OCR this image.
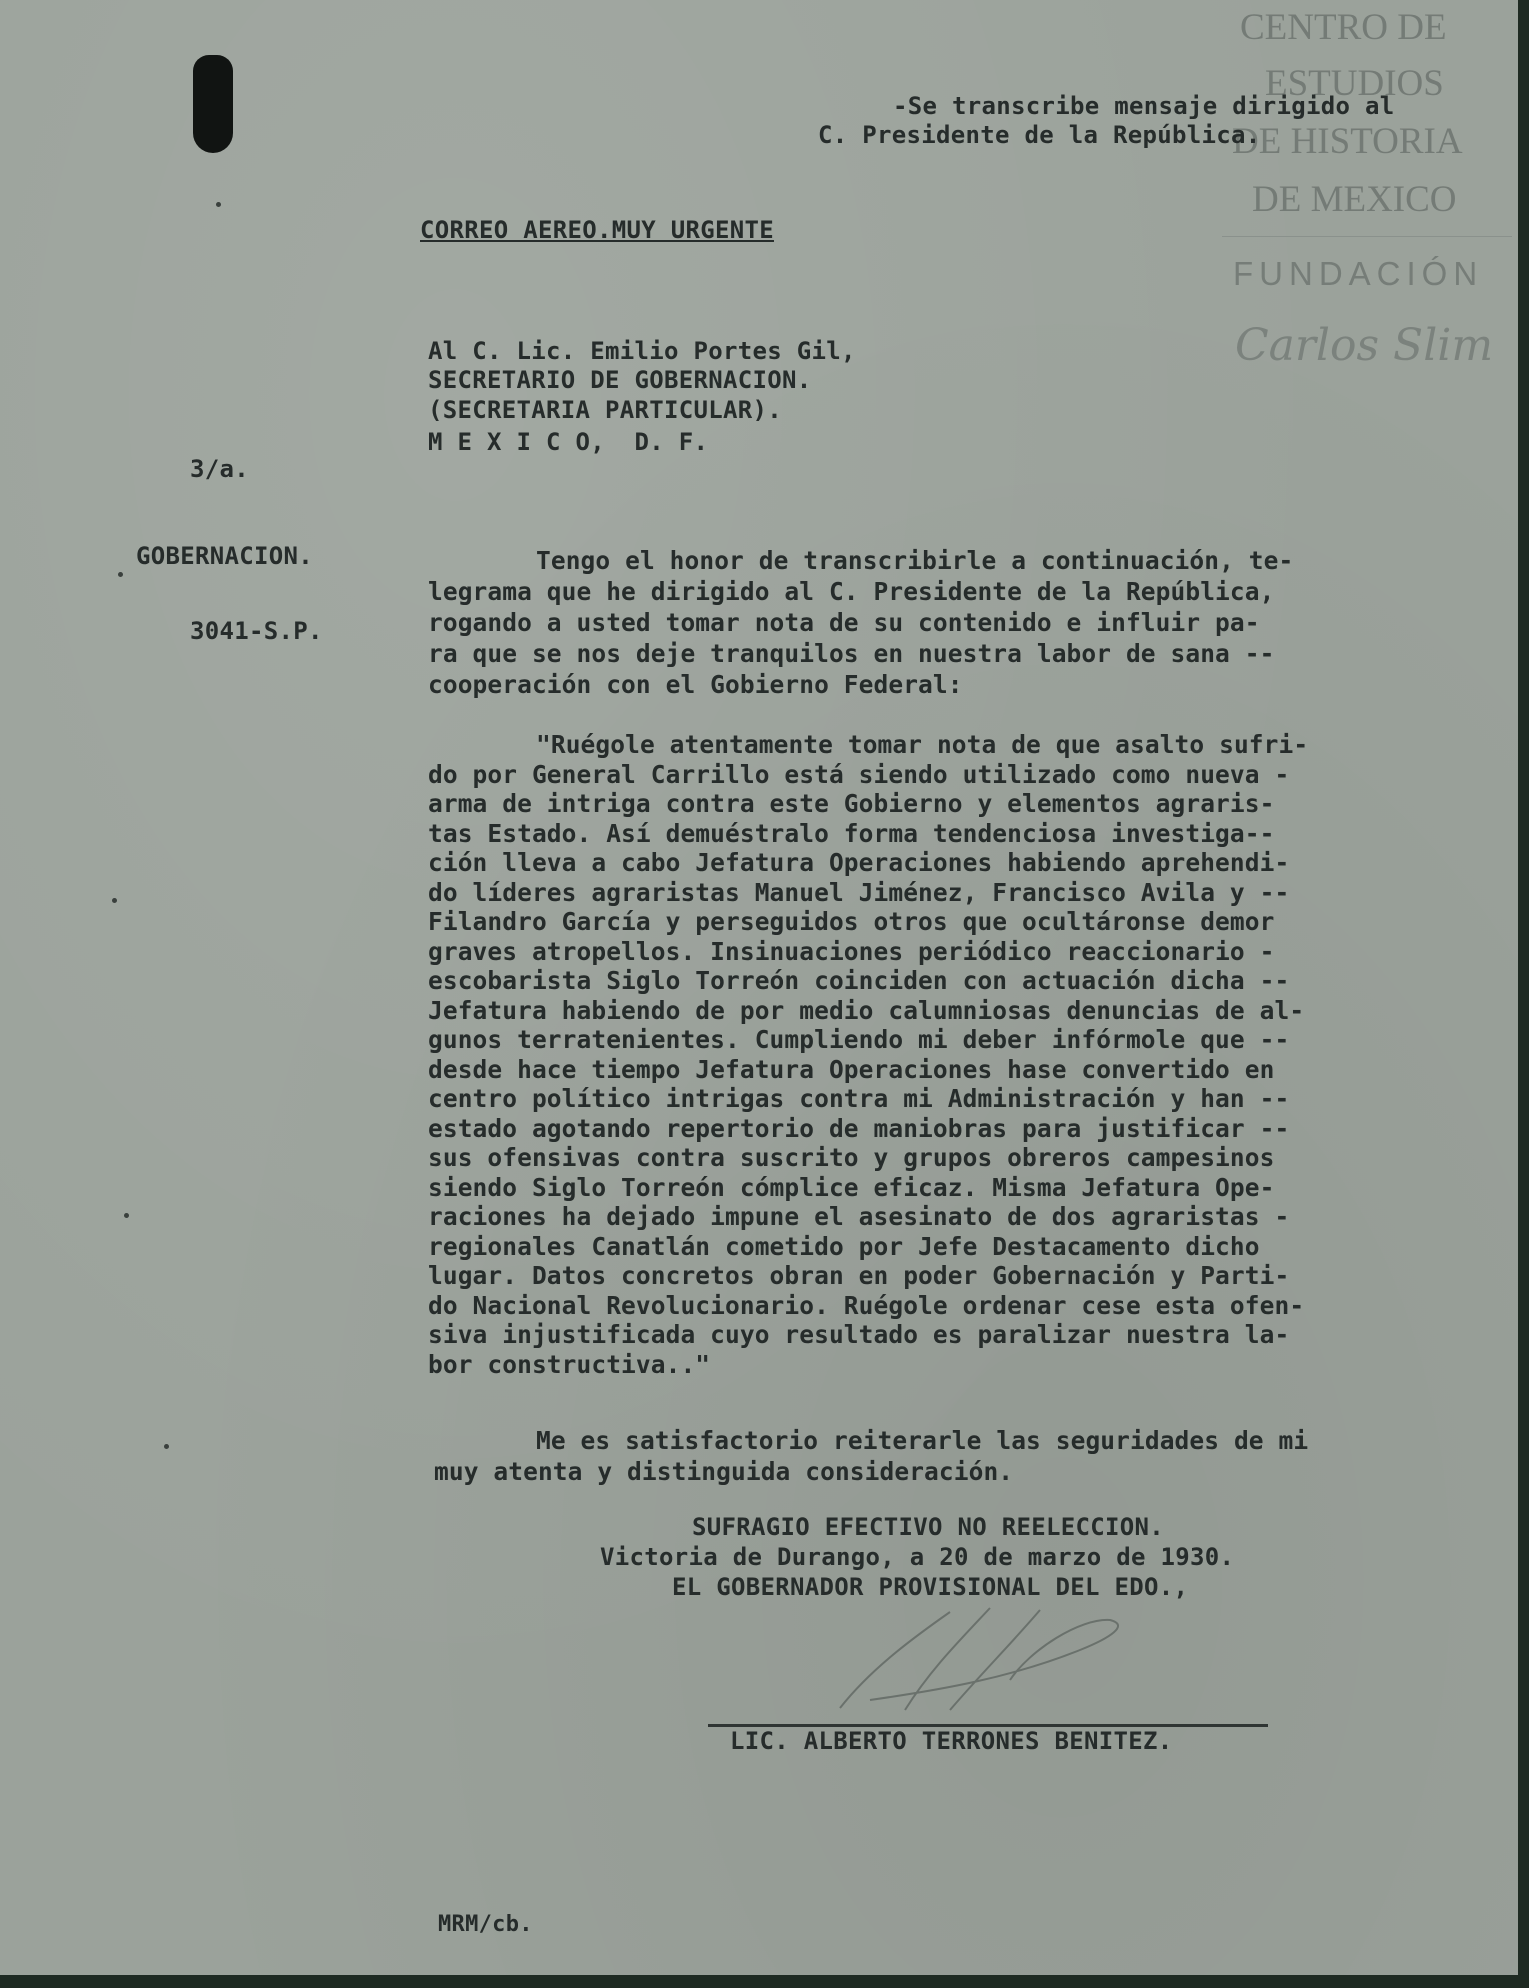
CENTRO DE
ESTUDIOS
DE HISTORIA
DE MEXICO
FUNDACIÓN
Carlos Slim
-Se transcribe mensaje dirigido al
C. Presidente de la República.
CORREO AEREO.MUY URGENTE
Al C. Lic. Emilio Portes Gil,
SECRETARIO DE GOBERNACION.
(SECRETARIA PARTICULAR).
M E X I C O,  D. F.
3/a.
GOBERNACION.
3041-S.P.
Tengo el honor de transcribirle a continuación, te-
legrama que he dirigido al C. Presidente de la República,
rogando a usted tomar nota de su contenido e influir pa-
ra que se nos deje tranquilos en nuestra labor de sana --
cooperación con el Gobierno Federal:
"Ruégole atentamente tomar nota de que asalto sufri-
do por General Carrillo está siendo utilizado como nueva -
arma de intriga contra este Gobierno y elementos agraris-
tas Estado. Así demuéstralo forma tendenciosa investiga--
ción lleva a cabo Jefatura Operaciones habiendo aprehendi-
do líderes agraristas Manuel Jiménez, Francisco Avila y --
Filandro García y perseguidos otros que ocultáronse demor
graves atropellos. Insinuaciones periódico reaccionario -
escobarista Siglo Torreón coinciden con actuación dicha --
Jefatura habiendo de por medio calumniosas denuncias de al-
gunos terratenientes. Cumpliendo mi deber infórmole que --
desde hace tiempo Jefatura Operaciones hase convertido en
centro político intrigas contra mi Administración y han --
estado agotando repertorio de maniobras para justificar --
sus ofensivas contra suscrito y grupos obreros campesinos
siendo Siglo Torreón cómplice eficaz. Misma Jefatura Ope-
raciones ha dejado impune el asesinato de dos agraristas -
regionales Canatlán cometido por Jefe Destacamento dicho
lugar. Datos concretos obran en poder Gobernación y Parti-
do Nacional Revolucionario. Ruégole ordenar cese esta ofen-
siva injustificada cuyo resultado es paralizar nuestra la-
bor constructiva.."
Me es satisfactorio reiterarle las seguridades de mi
muy atenta y distinguida consideración.
SUFRAGIO EFECTIVO NO REELECCION.
Victoria de Durango, a 20 de marzo de 1930.
EL GOBERNADOR PROVISIONAL DEL EDO.,
LIC. ALBERTO TERRONES BENITEZ.
MRM/cb.
